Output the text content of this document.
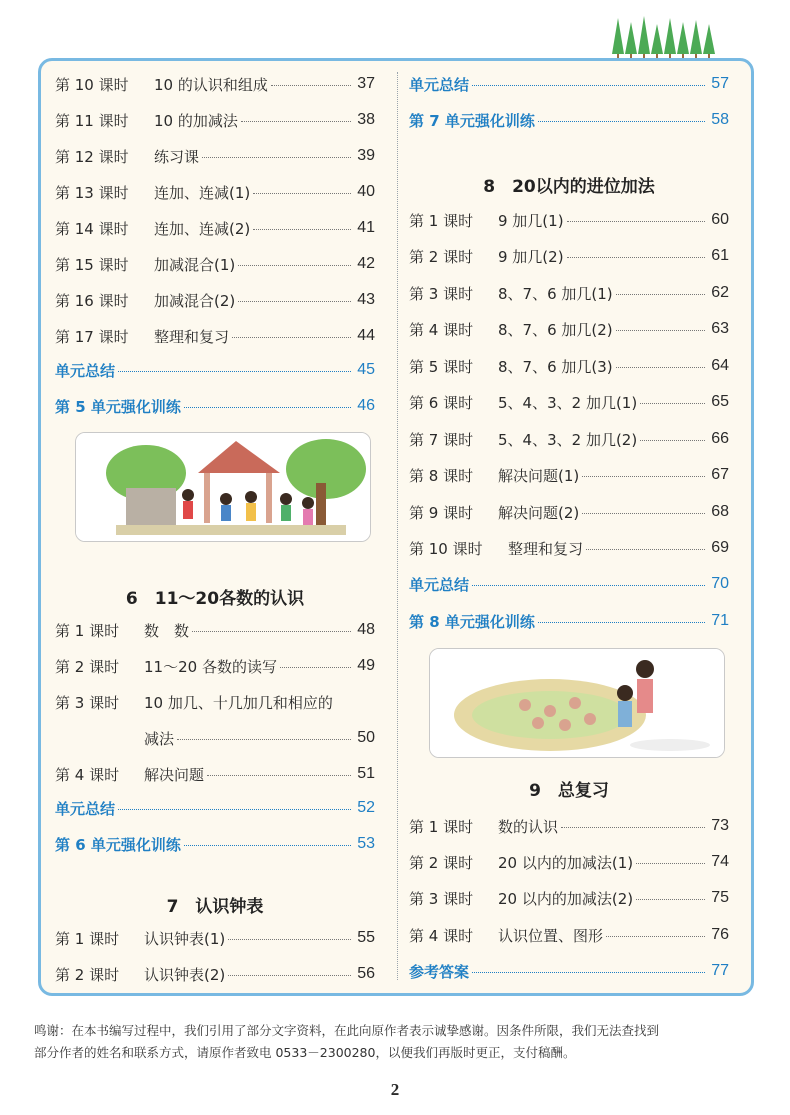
第 10 课时	10 的认识和组成	37
第 11 课时	10 的加减法	38
第 12 课时	练习课	39
第 13 课时	连加、连减(1)	40
第 14 课时	连加、连减(2)	41
第 15 课时	加减混合(1)	42
第 16 课时	加减混合(2)	43
第 17 课时	整理和复习	44
单元总结	45
第 5 单元强化训练	46
6　11～20各数的认识
第 1 课时	数　数	48
第 2 课时	11～20 各数的读写	49
第 3 课时	10 加几、十几加几和相应的
减法	50
第 4 课时	解决问题	51
单元总结	52
第 6 单元强化训练	53
7　认识钟表
第 1 课时	认识钟表(1)	55
第 2 课时	认识钟表(2)	56
单元总结	57
第 7 单元强化训练	58
8　20以内的进位加法
第 1 课时	9 加几(1)	60
第 2 课时	9 加几(2)	61
第 3 课时	8、7、6 加几(1)	62
第 4 课时	8、7、6 加几(2)	63
第 5 课时	8、7、6 加几(3)	64
第 6 课时	5、4、3、2 加几(1)	65
第 7 课时	5、4、3、2 加几(2)	66
第 8 课时	解决问题(1)	67
第 9 课时	解决问题(2)	68
第 10 课时	整理和复习	69
单元总结	70
第 8 单元强化训练	71
9　总复习
第 1 课时	数的认识	73
第 2 课时	20 以内的加减法(1)	74
第 3 课时	20 以内的加减法(2)	75
第 4 课时	认识位置、图形	76
参考答案	77
鸣谢：在本书编写过程中，我们引用了部分文字资料，在此向原作者表示诚挚感谢。因条件所限，我们无法查找到
部分作者的姓名和联系方式，请原作者致电 0533－2300280，以便我们再版时更正，支付稿酬。
2
